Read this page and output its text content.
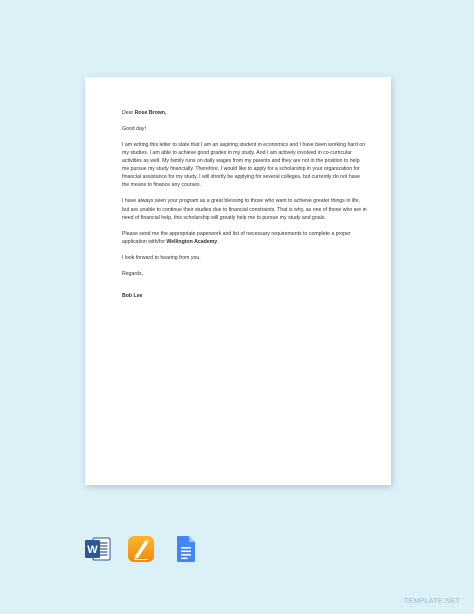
Dear Rose Brown,

Good day!

I am writing this letter to state that I am an aspiring student in economics and I have been working hard on my studies. I am able to achieve good grades in my study. And I am actively involved in co-curricular activities as well. My family runs on daily wages from my parents and they are not in the position to help me pursue my study financially. Therefore, I would like to apply for a scholarship in your organization for financial assistance for my study. I will shortly be applying for several colleges, but currently do not have the means to finance any courses.

I have always seen your program as a great blessing to those who want to achieve greater things in life, but are unable to continue their studies due to financial constraints. That is why, as one of those who are in need of financial help, this scholarship will greatly help me to pursue my study and goals.

Please send me the appropriate paperwork and list of necessary requirements to complete a proper application with/for Wellington Academy.

I look forward to hearing from you.

Regards,

Bob Lee

W
TEMPLATE.NET
